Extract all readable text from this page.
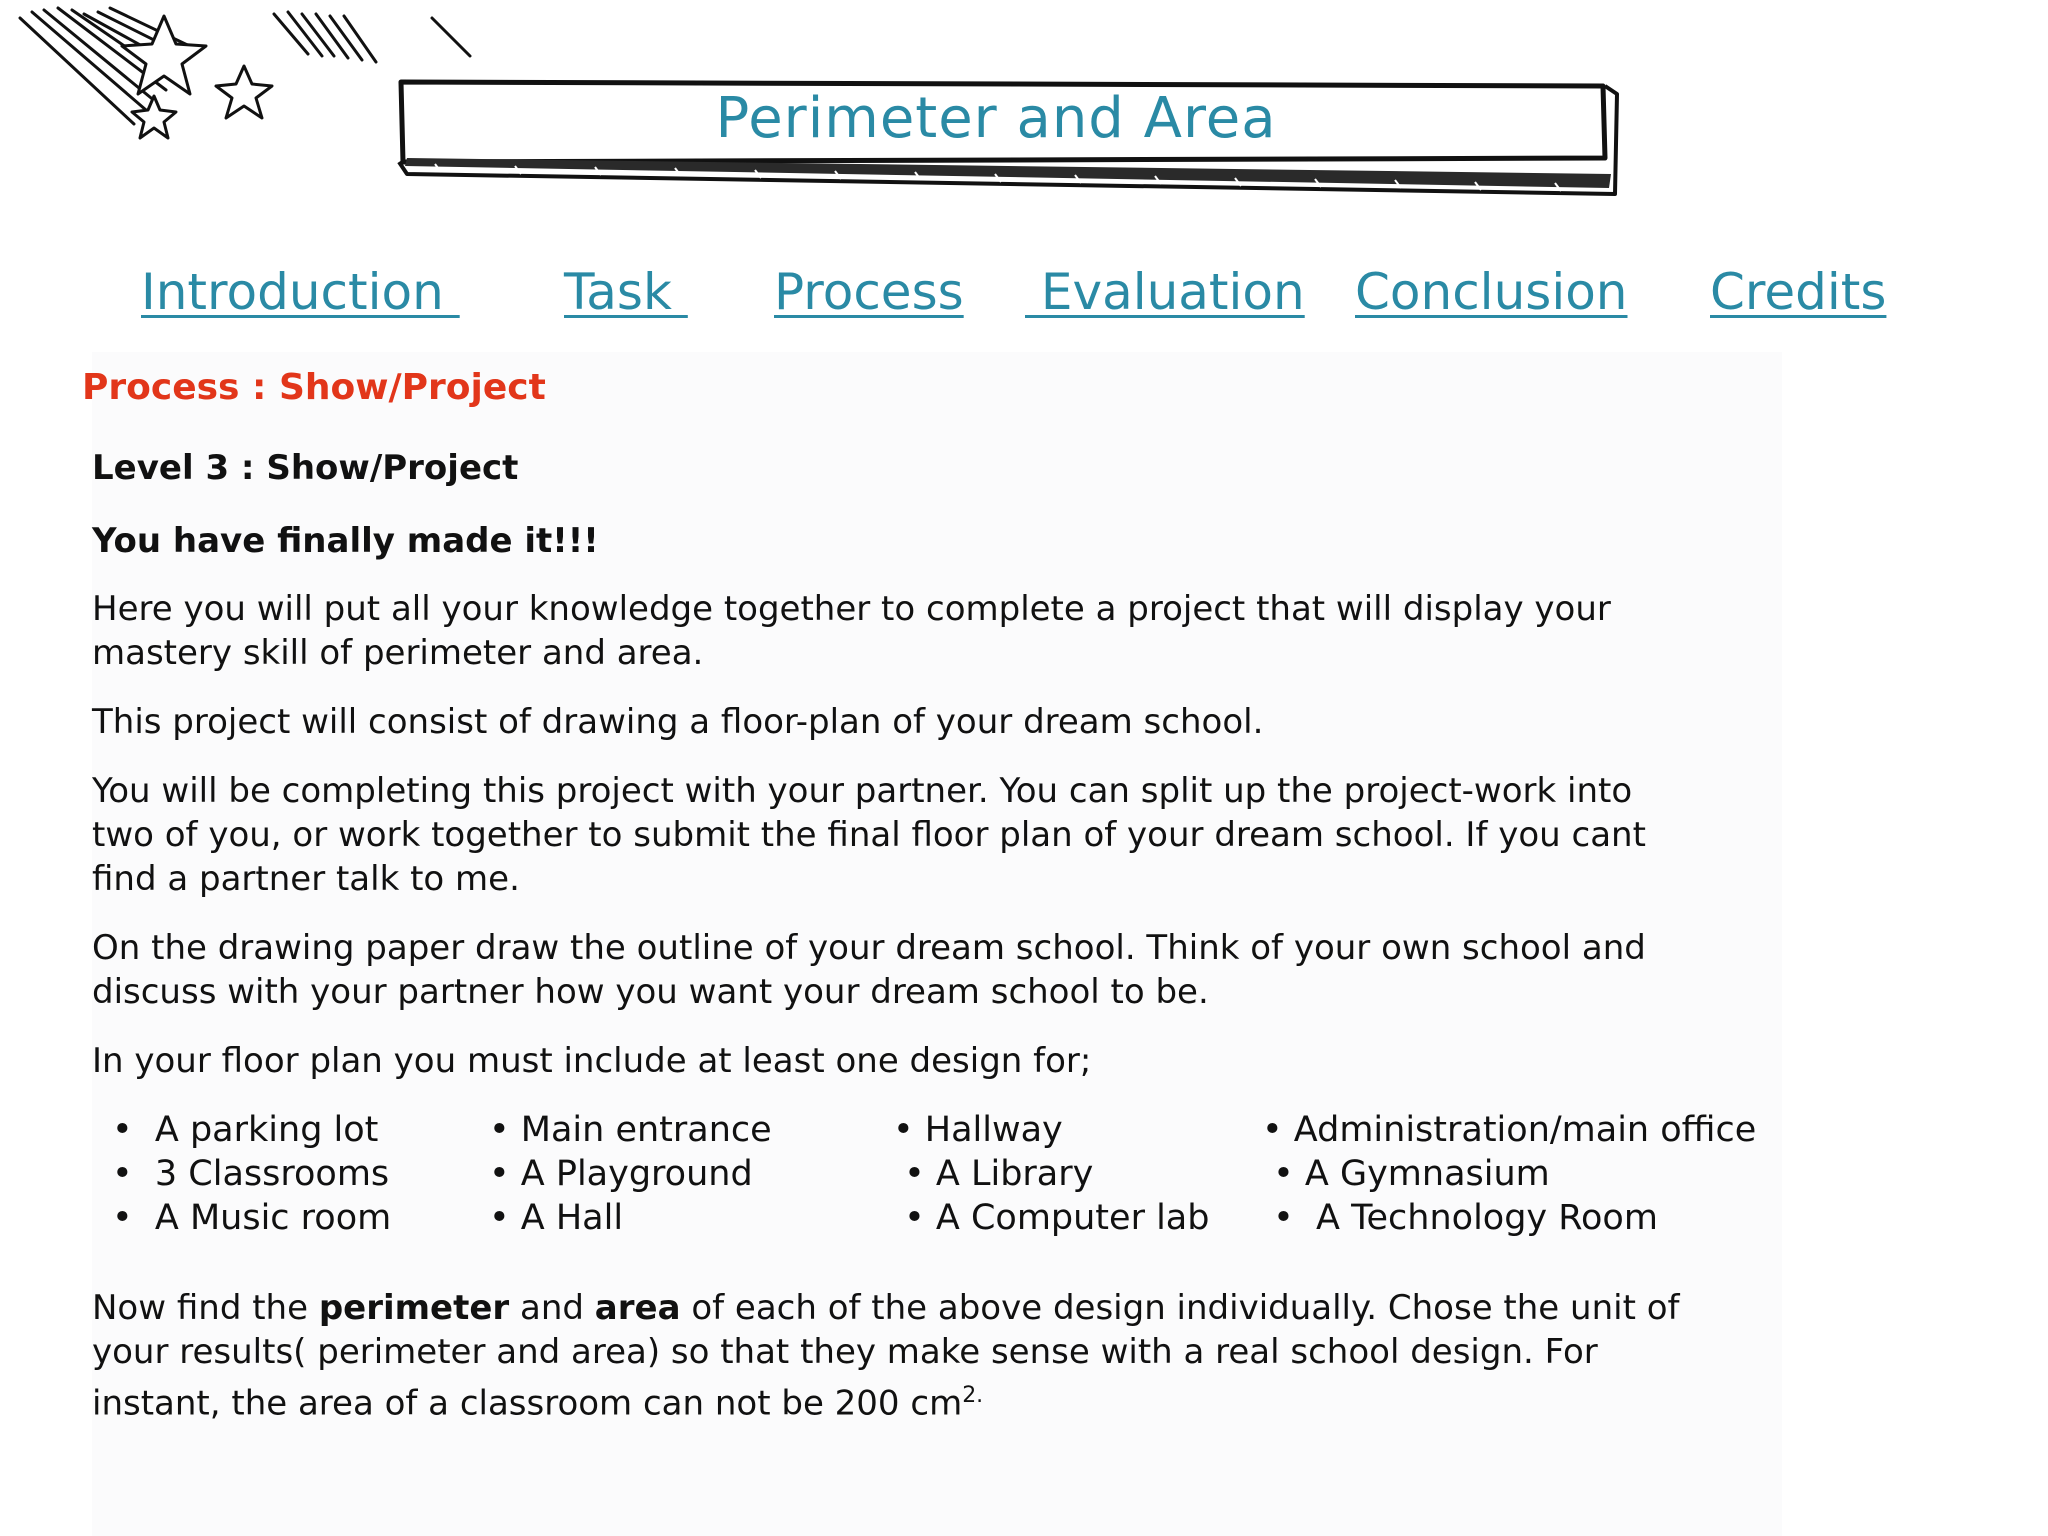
Perimeter and Area
Introduction Task Process Evaluation Conclusion Credits
Process : Show/Project
Level 3 : Show/Project
You have finally made it!!!
Here you will put all your knowledge together to complete a project that will display your
mastery skill of perimeter and area.
This project will consist of drawing a floor-plan of your dream school.
You will be completing this project with your partner. You can split up the project-work into
two of you, or work together to submit the final floor plan of your dream school. If you cant
find a partner talk to me.
On the drawing paper draw the outline of your dream school. Think of your own school and
discuss with your partner how you want your dream school to be.
In your floor plan you must include at least one design for;
•  A parking lot
•  3 Classrooms
•  A Music room
• Main entrance
• A Playground
• A Hall
• Hallway
• A Library
• A Computer lab
• Administration/main office
• A Gymnasium
•  A Technology Room
Now find the perimeter and area of each of the above design individually. Chose the unit of
your results( perimeter and area) so that they make sense with a real school design. For
instant, the area of a classroom can not be 200 $cm^{2.}$
